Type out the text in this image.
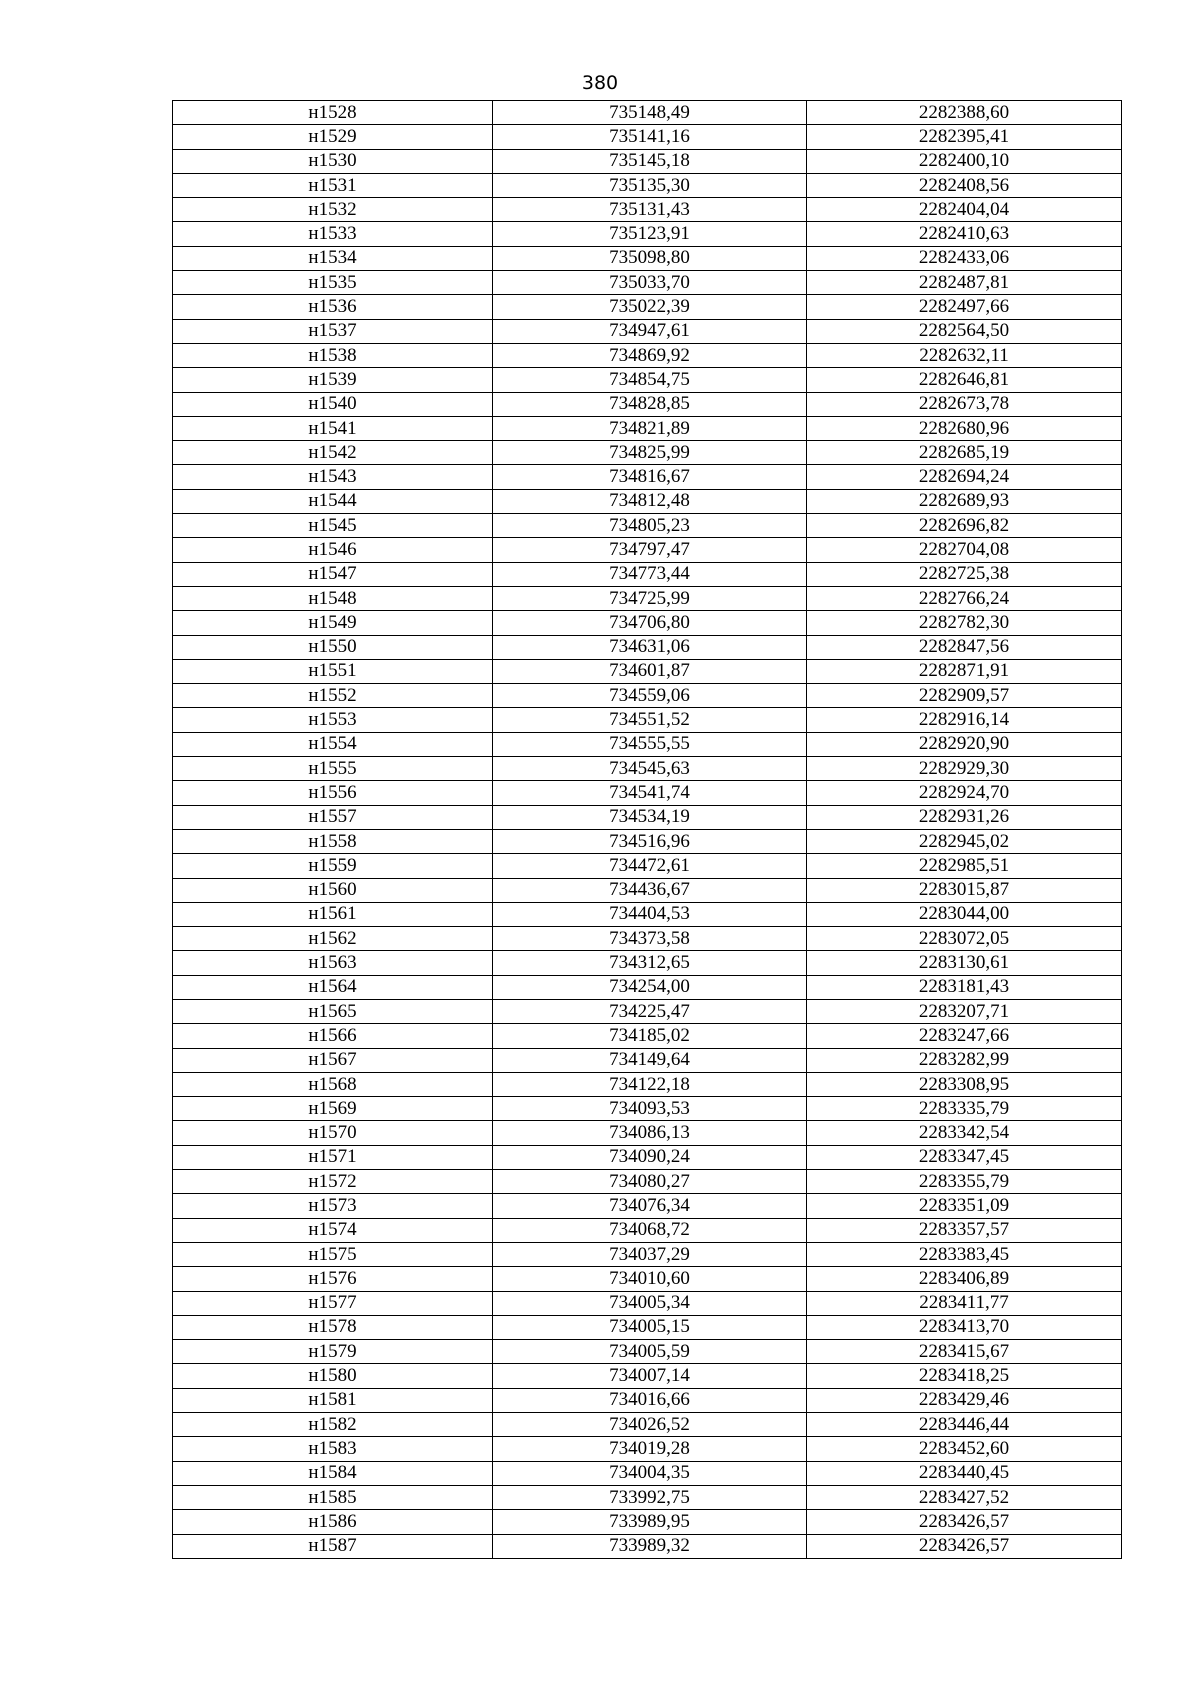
380
н1528	735148,49	2282388,60
н1529	735141,16	2282395,41
н1530	735145,18	2282400,10
н1531	735135,30	2282408,56
н1532	735131,43	2282404,04
н1533	735123,91	2282410,63
н1534	735098,80	2282433,06
н1535	735033,70	2282487,81
н1536	735022,39	2282497,66
н1537	734947,61	2282564,50
н1538	734869,92	2282632,11
н1539	734854,75	2282646,81
н1540	734828,85	2282673,78
н1541	734821,89	2282680,96
н1542	734825,99	2282685,19
н1543	734816,67	2282694,24
н1544	734812,48	2282689,93
н1545	734805,23	2282696,82
н1546	734797,47	2282704,08
н1547	734773,44	2282725,38
н1548	734725,99	2282766,24
н1549	734706,80	2282782,30
н1550	734631,06	2282847,56
н1551	734601,87	2282871,91
н1552	734559,06	2282909,57
н1553	734551,52	2282916,14
н1554	734555,55	2282920,90
н1555	734545,63	2282929,30
н1556	734541,74	2282924,70
н1557	734534,19	2282931,26
н1558	734516,96	2282945,02
н1559	734472,61	2282985,51
н1560	734436,67	2283015,87
н1561	734404,53	2283044,00
н1562	734373,58	2283072,05
н1563	734312,65	2283130,61
н1564	734254,00	2283181,43
н1565	734225,47	2283207,71
н1566	734185,02	2283247,66
н1567	734149,64	2283282,99
н1568	734122,18	2283308,95
н1569	734093,53	2283335,79
н1570	734086,13	2283342,54
н1571	734090,24	2283347,45
н1572	734080,27	2283355,79
н1573	734076,34	2283351,09
н1574	734068,72	2283357,57
н1575	734037,29	2283383,45
н1576	734010,60	2283406,89
н1577	734005,34	2283411,77
н1578	734005,15	2283413,70
н1579	734005,59	2283415,67
н1580	734007,14	2283418,25
н1581	734016,66	2283429,46
н1582	734026,52	2283446,44
н1583	734019,28	2283452,60
н1584	734004,35	2283440,45
н1585	733992,75	2283427,52
н1586	733989,95	2283426,57
н1587	733989,32	2283426,57
